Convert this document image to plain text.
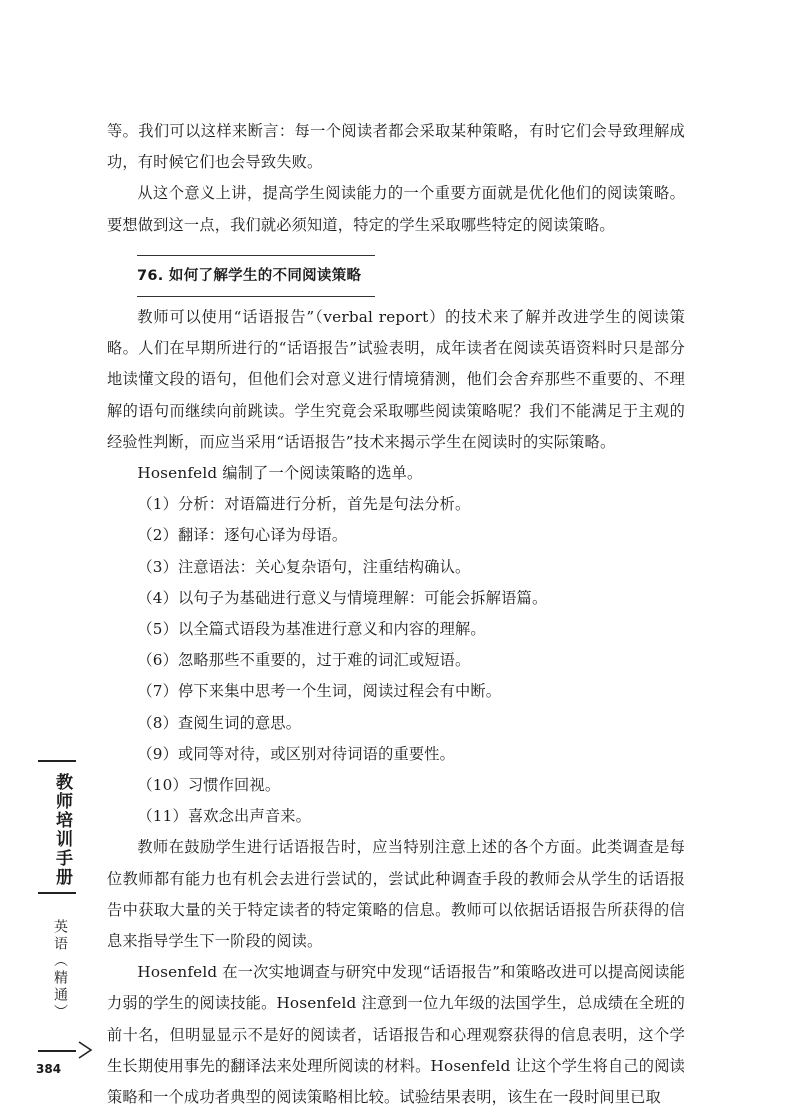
等。我们可以这样来断言：每一个阅读者都会采取某种策略，有时它们会导致理解成功，有时候它们也会导致失败。

从这个意义上讲，提高学生阅读能力的一个重要方面就是优化他们的阅读策略。要想做到这一点，我们就必须知道，特定的学生采取哪些特定的阅读策略。

76. 如何了解学生的不同阅读策略

教师可以使用“话语报告”（verbal report）的技术来了解并改进学生的阅读策略。人们在早期所进行的“话语报告”试验表明，成年读者在阅读英语资料时只是部分地读懂文段的语句，但他们会对意义进行情境猜测，他们会舍弃那些不重要的、不理解的语句而继续向前跳读。学生究竟会采取哪些阅读策略呢？我们不能满足于主观的经验性判断，而应当采用“话语报告”技术来揭示学生在阅读时的实际策略。

Hosenfeld 编制了一个阅读策略的选单。

（1）分析：对语篇进行分析，首先是句法分析。

（2）翻译：逐句心译为母语。

（3）注意语法：关心复杂语句，注重结构确认。

（4）以句子为基础进行意义与情境理解：可能会拆解语篇。

（5）以全篇式语段为基准进行意义和内容的理解。

（6）忽略那些不重要的，过于难的词汇或短语。

（7）停下来集中思考一个生词，阅读过程会有中断。

（8）查阅生词的意思。

（9）或同等对待，或区别对待词语的重要性。

（10）习惯作回视。

（11）喜欢念出声音来。

教师在鼓励学生进行话语报告时，应当特别注意上述的各个方面。此类调查是每位教师都有能力也有机会去进行尝试的，尝试此种调查手段的教师会从学生的话语报告中获取大量的关于特定读者的特定策略的信息。教师可以依据话语报告所获得的信息来指导学生下一阶段的阅读。

Hosenfeld 在一次实地调查与研究中发现“话语报告”和策略改进可以提高阅读能力弱的学生的阅读技能。Hosenfeld 注意到一位九年级的法国学生，总成绩在全班的前十名，但明显显示不是好的阅读者，话语报告和心理观察获得的信息表明，这个学生长期使用事先的翻译法来处理所阅读的材料。Hosenfeld 让这个学生将自己的阅读策略和一个成功者典型的阅读策略相比较。试验结果表明，该生在一段时间里已取

教师培训手册
英语（精通）
384
